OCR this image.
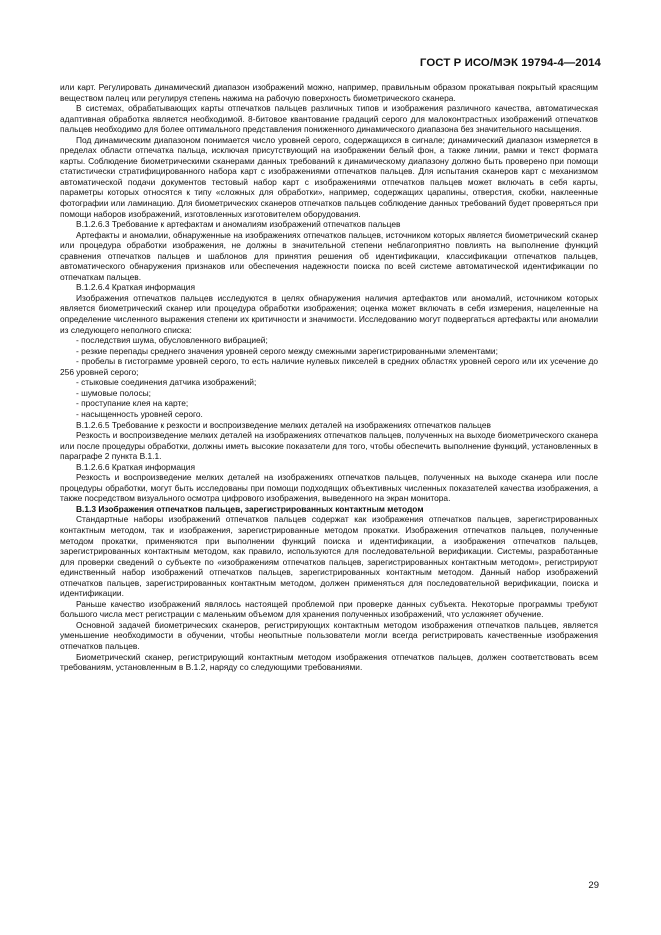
ГОСТ Р ИСО/МЭК 19794-4—2014

или карт. Регулировать динамический диапазон изображений можно, например, правильным образом прокатывая покрытый красящим веществом палец или регулируя степень нажима на рабочую поверхность биометрического сканера.

В системах, обрабатывающих карты отпечатков пальцев различных типов и изображения различного качества, автоматическая адаптивная обработка является необходимой. 8-битовое квантование градаций серого для малоконтрастных изображений отпечатков пальцев необходимо для более оптимального представления пониженного динамического диапазона без значительного насыщения.

Под динамическим диапазоном понимается число уровней серого, содержащихся в сигнале; динамический диапазон измеряется в пределах области отпечатка пальца, исключая присутствующий на изображении белый фон, а также линии, рамки и текст формата карты. Соблюдение биометрическими сканерами данных требований к динамическому диапазону должно быть проверено при помощи статистически стратифицированного набора карт с изображениями отпечатков пальцев. Для испытания сканеров карт с механизмом автоматической подачи документов тестовый набор карт с изображениями отпечатков пальцев может включать в себя карты, параметры которых относятся к типу «сложных для обработки», например, содержащих царапины, отверстия, скобки, наклеенные фотографии или ламинацию. Для биометрических сканеров отпечатков пальцев соблюдение данных требований будет проверяться при помощи наборов изображений, изготовленных изготовителем оборудования.

В.1.2.6.3 Требование к артефактам и аномалиям изображений отпечатков пальцев

Артефакты и аномалии, обнаруженные на изображениях отпечатков пальцев, источником которых является биометрический сканер или процедура обработки изображения, не должны в значительной степени неблагоприятно повлиять на выполнение функций сравнения отпечатков пальцев и шаблонов для принятия решения об идентификации, классификации отпечатков пальцев, автоматического обнаружения признаков или обеспечения надежности поиска по всей системе автоматической идентификации по отпечаткам пальцев.

В.1.2.6.4 Краткая информация

Изображения отпечатков пальцев исследуются в целях обнаружения наличия артефактов или аномалий, источником которых является биометрический сканер или процедура обработки изображения; оценка может включать в себя измерения, нацеленные на определение численного выражения степени их критичности и значимости. Исследованию могут подвергаться артефакты или аномалии из следующего неполного списка:

- последствия шума, обусловленного вибрацией;

- резкие перепады среднего значения уровней серого между смежными зарегистрированными элементами;

- пробелы в гистограмме уровней серого, то есть наличие нулевых пикселей в средних областях уровней серого или их усечение до 256 уровней серого;

- стыковые соединения датчика изображений;

- шумовые полосы;

- проступание клея на карте;

- насыщенность уровней серого.

В.1.2.6.5 Требование к резкости и воспроизведение мелких деталей на изображениях отпечатков пальцев

Резкость и воспроизведение мелких деталей на изображениях отпечатков пальцев, полученных на выходе биометрического сканера или после процедуры обработки, должны иметь высокие показатели для того, чтобы обеспечить выполнение функций, установленных в параграфе 2 пункта В.1.1.

В.1.2.6.6 Краткая информация

Резкость и воспроизведение мелких деталей на изображениях отпечатков пальцев, полученных на выходе сканера или после процедуры обработки, могут быть исследованы при помощи подходящих объективных численных показателей качества изображения, а также посредством визуального осмотра цифрового изображения, выведенного на экран монитора.

В.1.3 Изображения отпечатков пальцев, зарегистрированных контактным методом

Стандартные наборы изображений отпечатков пальцев содержат как изображения отпечатков пальцев, зарегистрированных контактным методом, так и изображения, зарегистрированные методом прокатки. Изображения отпечатков пальцев, полученные методом прокатки, применяются при выполнении функций поиска и идентификации, а изображения отпечатков пальцев, зарегистрированных контактным методом, как правило, используются для последовательной верификации. Системы, разработанные для проверки сведений о субъекте по «изображениям отпечатков пальцев, зарегистрированных контактным методом», регистрируют единственный набор изображений отпечатков пальцев, зарегистрированных контактным методом. Данный набор изображений отпечатков пальцев, зарегистрированных контактным методом, должен применяться для последовательной верификации, поиска и идентификации.

Раньше качество изображений являлось настоящей проблемой при проверке данных субъекта. Некоторые программы требуют большого числа мест регистрации с маленьким объемом для хранения полученных изображений, что усложняет обучение.

Основной задачей биометрических сканеров, регистрирующих контактным методом изображения отпечатков пальцев, является уменьшение необходимости в обучении, чтобы неопытные пользователи могли всегда регистрировать качественные изображения отпечатков пальцев.

Биометрический сканер, регистрирующий контактным методом изображения отпечатков пальцев, должен соответствовать всем требованиям, установленным в В.1.2, наряду со следующими требованиями.

29
